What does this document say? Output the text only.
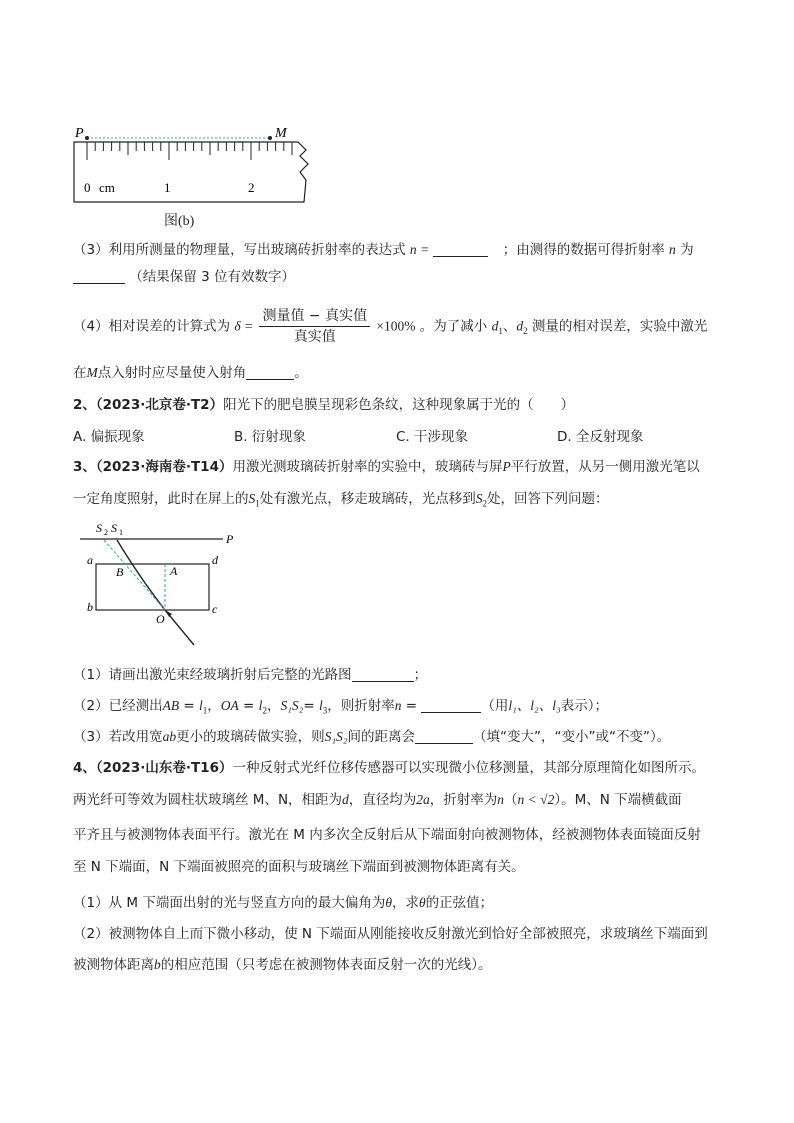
P	M
0 cm	1	2
图(b)
（3）利用所测量的物理量，写出玻璃砖折射率的表达式 n =	；由测得的数据可得折射率 n 为
（结果保留 3 位有效数字）
（4）相对误差的计算式为 $\delta = \frac{\text{测量值 − 真实值}}{\text{真实值}} \times 100\%$ 。为了减小 $d_1$、$d_2$ 测量的相对误差，实验中激光
在M点入射时应尽量使入射角	。
2、（2023·北京卷·T2）阳光下的肥皂膜呈现彩色条纹，这种现象属于光的（　　）
A. 偏振现象	B. 衍射现象	C. 干涉现象	D. 全反射现象
3、（2023·海南卷·T14）用激光测玻璃砖折射率的实验中，玻璃砖与屏P平行放置，从另一侧用激光笔以
一定角度照射，此时在屏上的$S_1$处有激光点，移走玻璃砖，光点移到$S_2$处，回答下列问题：
S 2 S 1	P
a	d
b	c
B	A
O
（1）请画出激光束经玻璃折射后完整的光路图	；
（2）已经测出AB = $l_1$，OA = $l_2$，$S_1S_2= l_3$，则折射率n =	（用l₁、l₂、l₃表示）；
（3）若改用宽ab更小的玻璃砖做实验，则S₁S₂间的距离会	（填“变大”，“变小”或“不变”）。
4、（2023·山东卷·T16）一种反射式光纤位移传感器可以实现微小位移测量，其部分原理简化如图所示。
两光纤可等效为圆柱状玻璃丝 M、N，相距为d，直径均为2a，折射率为n（n < √2）。M、N 下端横截面
平齐且与被测物体表面平行。激光在 M 内多次全反射后从下端面射向被测物体，经被测物体表面镜面反射
至 N 下端面，N 下端面被照亮的面积与玻璃丝下端面到被测物体距离有关。
（1）从 M 下端面出射的光与竖直方向的最大偏角为θ，求θ的正弦值；
（2）被测物体自上而下微小移动，使 N 下端面从刚能接收反射激光到恰好全部被照亮，求玻璃丝下端面到
被测物体距离b的相应范围（只考虑在被测物体表面反射一次的光线）。
